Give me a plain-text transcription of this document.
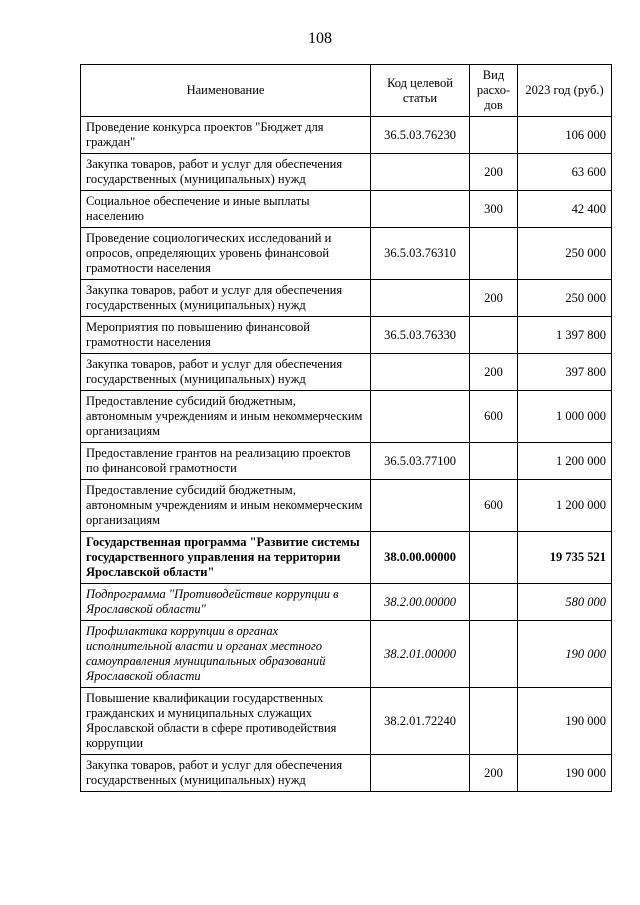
108
Наименование	Код целевой статьи	Вид расхо-дов	2023 год (руб.)
Проведение конкурса проектов "Бюджет для граждан"	36.5.03.76230		106 000
Закупка товаров, работ и услуг для обеспечения государственных (муниципальных) нужд		200	63 600
Социальное обеспечение и иные выплаты населению		300	42 400
Проведение социологических исследований и опросов, определяющих уровень финансовой грамотности населения	36.5.03.76310		250 000
Закупка товаров, работ и услуг для обеспечения государственных (муниципальных) нужд		200	250 000
Мероприятия по повышению финансовой грамотности населения	36.5.03.76330		1 397 800
Закупка товаров, работ и услуг для обеспечения государственных (муниципальных) нужд		200	397 800
Предоставление субсидий бюджетным, автономным учреждениям и иным некоммерческим организациям		600	1 000 000
Предоставление грантов на реализацию проектов по финансовой грамотности	36.5.03.77100		1 200 000
Предоставление субсидий бюджетным, автономным учреждениям и иным некоммерческим организациям		600	1 200 000
Государственная программа "Развитие системы государственного управления на территории Ярославской области"	38.0.00.00000		19 735 521
Подпрограмма "Противодействие коррупции в Ярославской области"	38.2.00.00000		580 000
Профилактика коррупции в органах исполнительной власти и органах местного самоуправления муниципальных образований Ярославской области	38.2.01.00000		190 000
Повышение квалификации государственных гражданских и муниципальных служащих Ярославской области в сфере противодействия коррупции	38.2.01.72240		190 000
Закупка товаров, работ и услуг для обеспечения государственных (муниципальных) нужд		200	190 000
